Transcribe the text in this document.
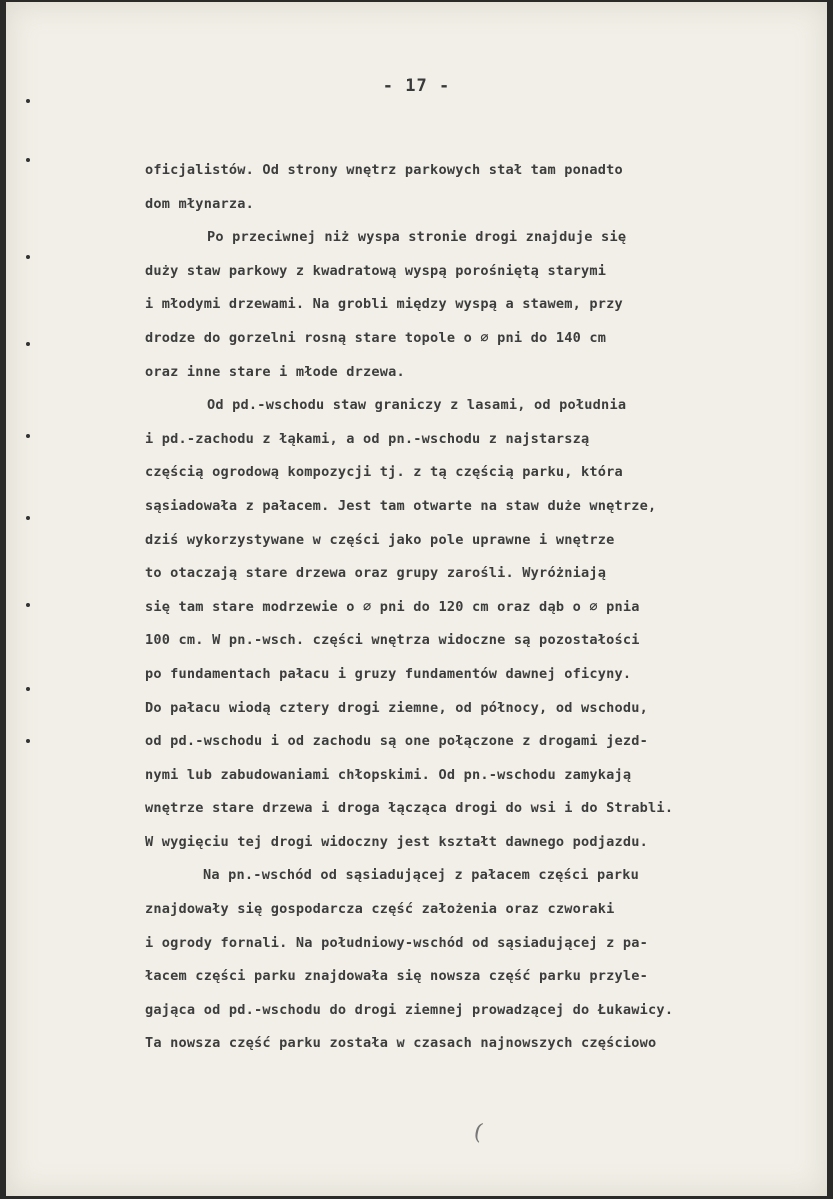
- 17 -
oficjalistów. Od strony wnętrz parkowych stał tam ponadto
dom młynarza.
Po przeciwnej niż wyspa stronie drogi znajduje się
duży staw parkowy z kwadratową wyspą porośniętą starymi
i młodymi drzewami. Na grobli między wyspą a stawem, przy
drodze do gorzelni rosną stare topole o ∅ pni do 140 cm
oraz inne stare i młode drzewa.
Od pd.-wschodu staw graniczy z lasami, od południa
i pd.-zachodu z łąkami, a od pn.-wschodu z najstarszą
częścią ogrodową kompozycji tj. z tą częścią parku, która
sąsiadowała z pałacem. Jest tam otwarte na staw duże wnętrze,
dziś wykorzystywane w części jako pole uprawne i wnętrze
to otaczają stare drzewa oraz grupy zarośli. Wyróżniają
się tam stare modrzewie o ∅ pni do 120 cm oraz dąb o ∅ pnia
100 cm. W pn.-wsch. części wnętrza widoczne są pozostałości
po fundamentach pałacu i gruzy fundamentów dawnej oficyny.
Do pałacu wiodą cztery drogi ziemne, od północy, od wschodu,
od pd.-wschodu i od zachodu są one połączone z drogami jezd-
nymi lub zabudowaniami chłopskimi. Od pn.-wschodu zamykają
wnętrze stare drzewa i droga łącząca drogi do wsi i do Strabli.
W wygięciu tej drogi widoczny jest kształt dawnego podjazdu.
Na pn.-wschód od sąsiadującej z pałacem części parku
znajdowały się gospodarcza część założenia oraz czworaki
i ogrody fornali. Na południowy-wschód od sąsiadującej z pa-
łacem części parku znajdowała się nowsza część parku przyle-
gająca od pd.-wschodu do drogi ziemnej prowadzącej do Łukawicy.
Ta nowsza część parku została w czasach najnowszych częściowo
(
